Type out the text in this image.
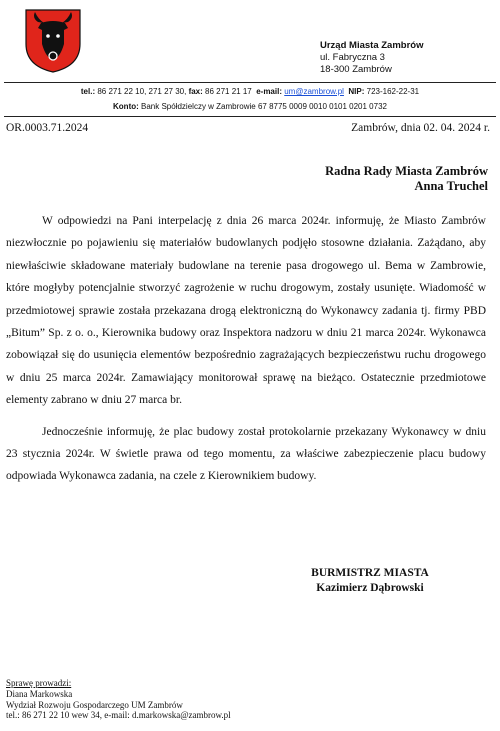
Urząd Miasta Zambrów
ul. Fabryczna 3
18-300 Zambrów
tel.: 86 271 22 10, 271 27 30, fax: 86 271 21 17 e-mail: um@zambrow.pl NIP: 723-162-22-31
Konto: Bank Spółdzielczy w Zambrowie 67 8775 0009 0010 0101 0201 0732
OR.0003.71.2024	Zambrów, dnia 02. 04. 2024 r.
Radna Rady Miasta Zambrów
Anna Truchel

W odpowiedzi na Pani interpelację z dnia 26 marca 2024r. informuję, że Miasto Zambrów niezwłocznie po pojawieniu się materiałów budowlanych podjęło stosowne działania. Zażądano, aby niewłaściwie składowane materiały budowlane na terenie pasa drogowego ul. Bema w Zambrowie, które mogłyby potencjalnie stworzyć zagrożenie w ruchu drogowym, zostały usunięte. Wiadomość w przedmiotowej sprawie została przekazana drogą elektroniczną do Wykonawcy zadania tj. firmy PBD „Bitum” Sp. z o. o., Kierownika budowy oraz Inspektora nadzoru w dniu 21 marca 2024r. Wykonawca zobowiązał się do usunięcia elementów bezpośrednio zagrażających bezpieczeństwu ruchu drogowego w dniu 25 marca 2024r. Zamawiający monitorował sprawę na bieżąco. Ostatecznie przedmiotowe elementy zabrano w dniu 27 marca br.

Jednocześnie informuję, że plac budowy został protokolarnie przekazany Wykonawcy w dniu 23 stycznia 2024r. W świetle prawa od tego momentu, za właściwe zabezpieczenie placu budowy odpowiada Wykonawca zadania, na czele z Kierownikiem budowy.

BURMISTRZ MIASTA
Kazimierz Dąbrowski
Sprawę prowadzi:
Diana Markowska
Wydział Rozwoju Gospodarczego UM Zambrów
tel.: 86 271 22 10 wew 34, e-mail: d.markowska@zambrow.pl
